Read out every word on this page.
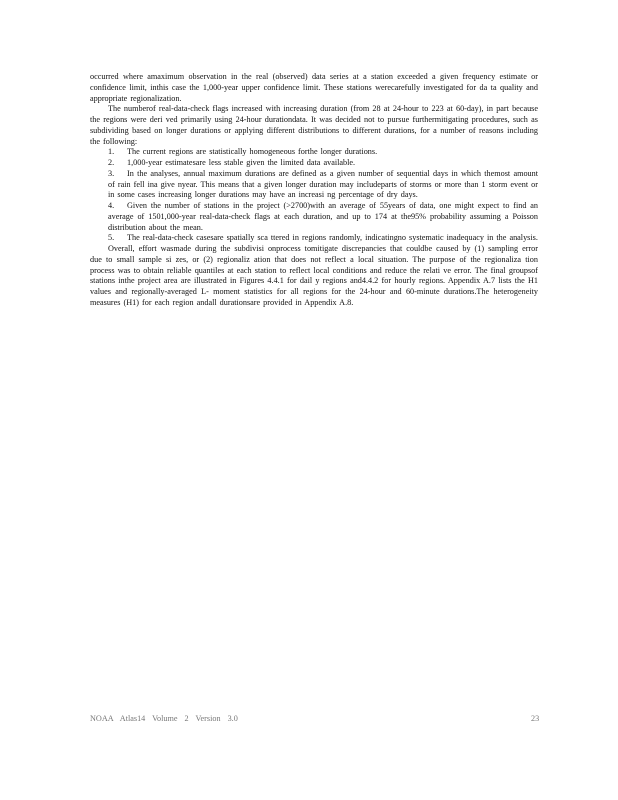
occurred where amaximum observation in the real (observed) data series at a station exceeded a given frequency estimate or confidence limit, inthis case the 1,000-year upper confidence limit. These stations werecarefully investigated for da ta quality and appropriate regionalization.

The numberof real-data-check flags increased with increasing duration (from 28 at 24-hour to 223 at 60-day), in part because the regions were deri ved primarily using 24-hour durationdata. It was decided not to pursue furthermitigating procedures, such as subdividing based on longer durations or applying different distributions to different durations, for a number of reasons including the following:

1. The current regions are statistically homogeneous forthe longer durations.
2. 1,000-year estimatesare less stable given the limited data available.
3. In the analyses, annual maximum durations are defined as a given number of sequential days in which themost amount of rain fell ina give nyear. This means that a given longer duration may includeparts of storms or more than 1 storm event or in some cases increasing longer durations may have an increasi ng percentage of dry days.
4. Given the number of stations in the project (>2700)with an average of 55years of data, one might expect to find an average of 1501,000-year real-data-check flags at each duration, and up to 174 at the95% probability assuming a Poisson distribution about the mean.
5. The real-data-check casesare spatially sca ttered in regions randomly, indicatingno systematic inadequacy in the analysis.

Overall, effort wasmade during the subdivisi onprocess tomitigate discrepancies that couldbe caused by (1) sampling error due to small sample si zes, or (2) regionaliz ation that does not reflect a local situation. The purpose of the regionaliza tion process was to obtain reliable quantiles at each station to reflect local conditions and reduce the relati ve error. The final groupsof stations inthe project area are illustrated in Figures 4.4.1 for dail y regions and4.4.2 for hourly regions. Appendix A.7 lists the H1 values and regionally-averaged L- moment statistics for all regions for the 24-hour and 60-minute durations.The heterogeneity measures (H1) for each region andall durationsare provided in Appendix A.8.

NOAA Atlas14 Volume 2 Version 3.0	23
